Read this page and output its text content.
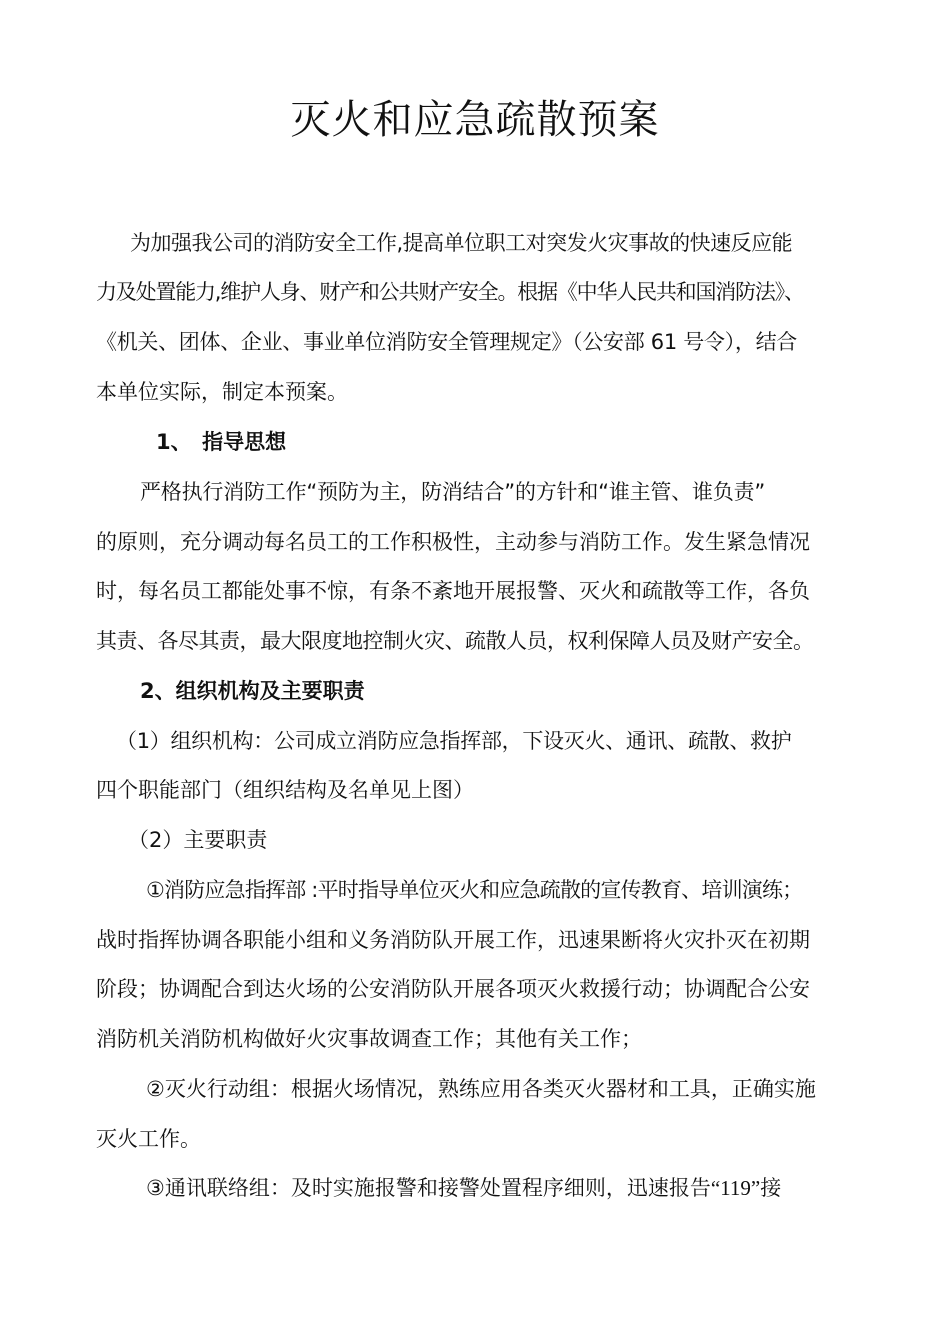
灭火和应急疏散预案

为加强我公司的消防安全工作,提高单位职工对突发火灾事故的快速反应能

力及处置能力,维护人身、财产和公共财产安全。根据《中华人民共和国消防法》、

《机关、团体、企业、事业单位消防安全管理规定》（公安部 61 号令），结合

本单位实际，制定本预案。

1、　指导思想

严格执行消防工作“预防为主，防消结合”的方针和“谁主管、谁负责”

的原则，充分调动每名员工的工作积极性，主动参与消防工作。发生紧急情况

时，每名员工都能处事不惊，有条不紊地开展报警、灭火和疏散等工作，各负

其责、各尽其责，最大限度地控制火灾、疏散人员，权利保障人员及财产安全。

2、组织机构及主要职责

（1）组织机构：公司成立消防应急指挥部，下设灭火、通讯、疏散、救护

四个职能部门（组织结构及名单见上图）

（2）主要职责

①消防应急指挥部 :平时指导单位灭火和应急疏散的宣传教育、培训演练；

战时指挥协调各职能小组和义务消防队开展工作，迅速果断将火灾扑灭在初期

阶段；协调配合到达火场的公安消防队开展各项灭火救援行动；协调配合公安

消防机关消防机构做好火灾事故调查工作；其他有关工作；

②灭火行动组：根据火场情况，熟练应用各类灭火器材和工具，正确实施

灭火工作。

③通讯联络组：及时实施报警和接警处置程序细则，迅速报告“119”接
